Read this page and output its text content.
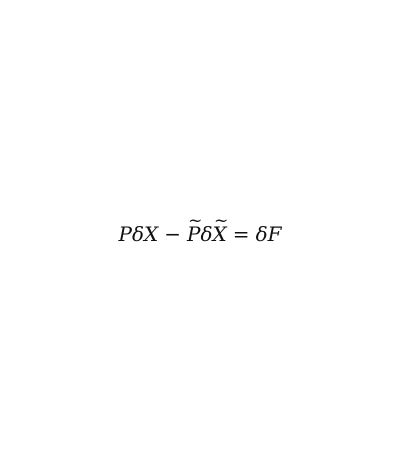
P δ X − ~ P δ ~ X = δ F
